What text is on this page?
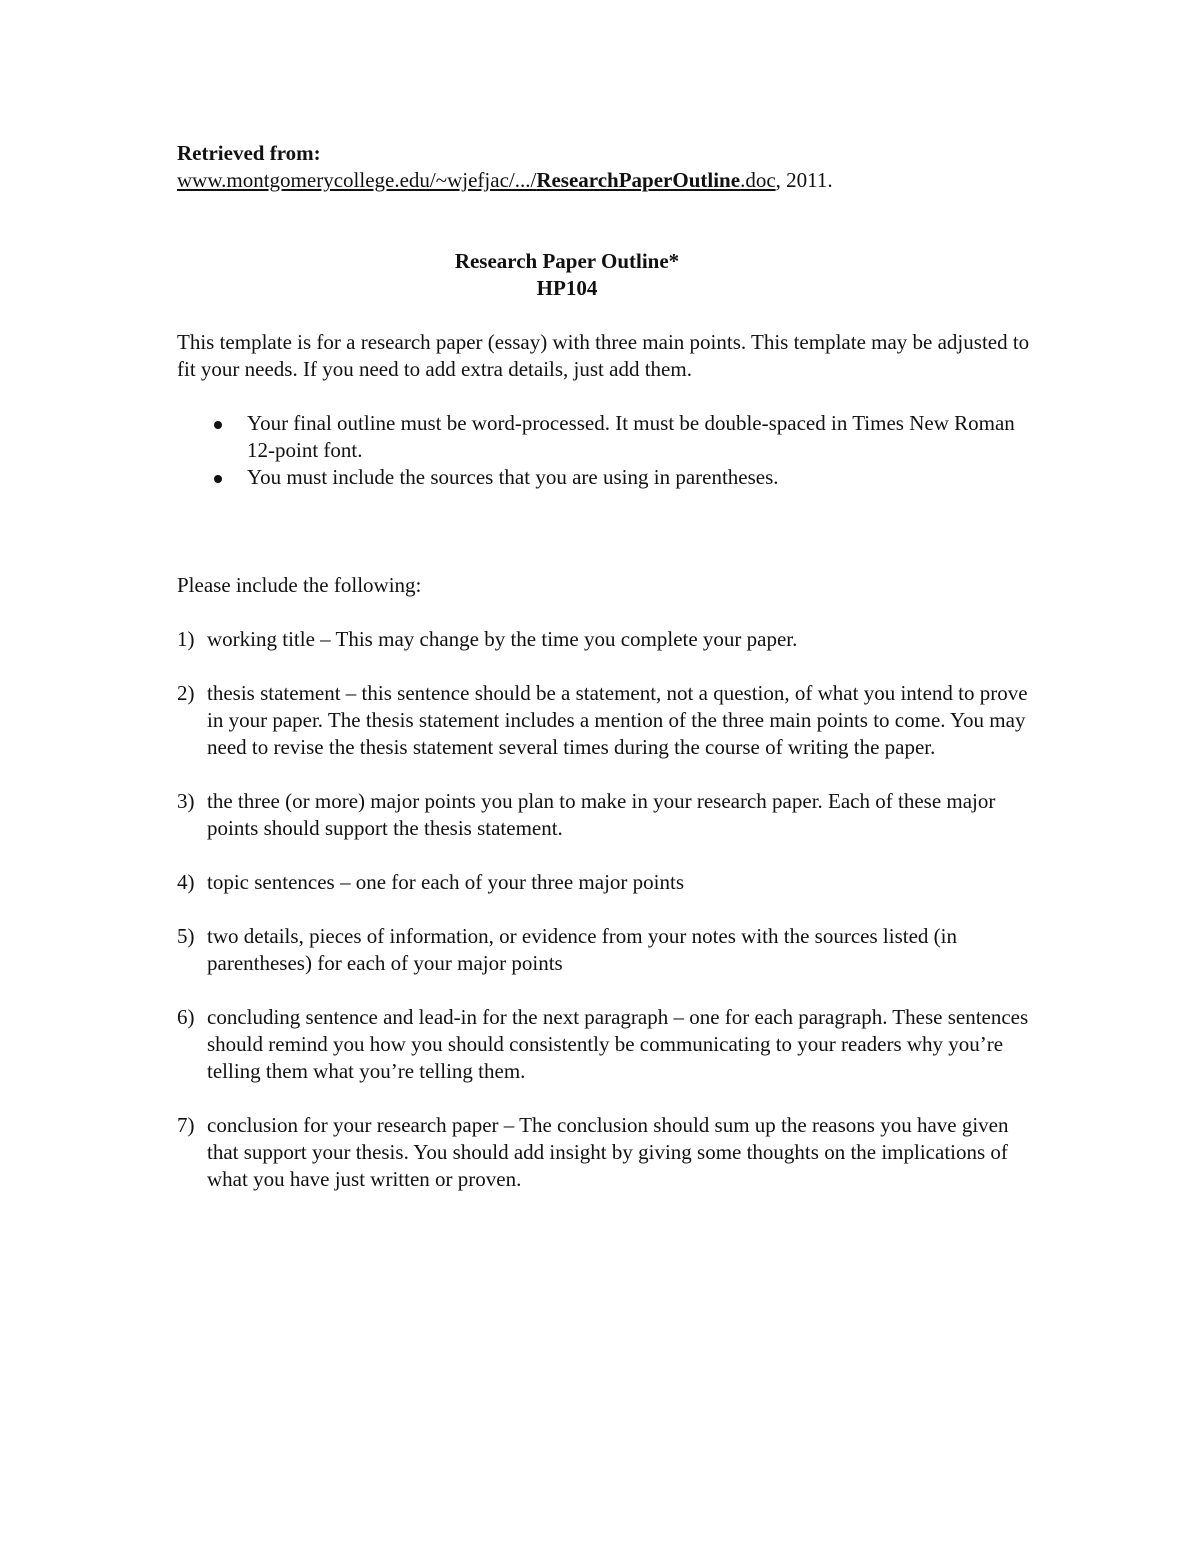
Retrieved from:

www.montgomerycollege.edu/~wjefjac/.../ResearchPaperOutline.doc, 2011.

Research Paper Outline*
HP104

This template is for a research paper (essay) with three main points. This template may be adjusted to fit your needs. If you need to add extra details, just add them.

Your final outline must be word-processed. It must be double-spaced in Times New Roman 12-point font.
You must include the sources that you are using in parentheses.

Please include the following:

1) working title – This may change by the time you complete your paper.
2) thesis statement – this sentence should be a statement, not a question, of what you intend to prove in your paper. The thesis statement includes a mention of the three main points to come. You may need to revise the thesis statement several times during the course of writing the paper.
3) the three (or more) major points you plan to make in your research paper. Each of these major points should support the thesis statement.
4) topic sentences – one for each of your three major points
5) two details, pieces of information, or evidence from your notes with the sources listed (in parentheses) for each of your major points
6) concluding sentence and lead-in for the next paragraph – one for each paragraph. These sentences should remind you how you should consistently be communicating to your readers why you’re telling them what you’re telling them.
7) conclusion for your research paper – The conclusion should sum up the reasons you have given that support your thesis. You should add insight by giving some thoughts on the implications of what you have just written or proven.
